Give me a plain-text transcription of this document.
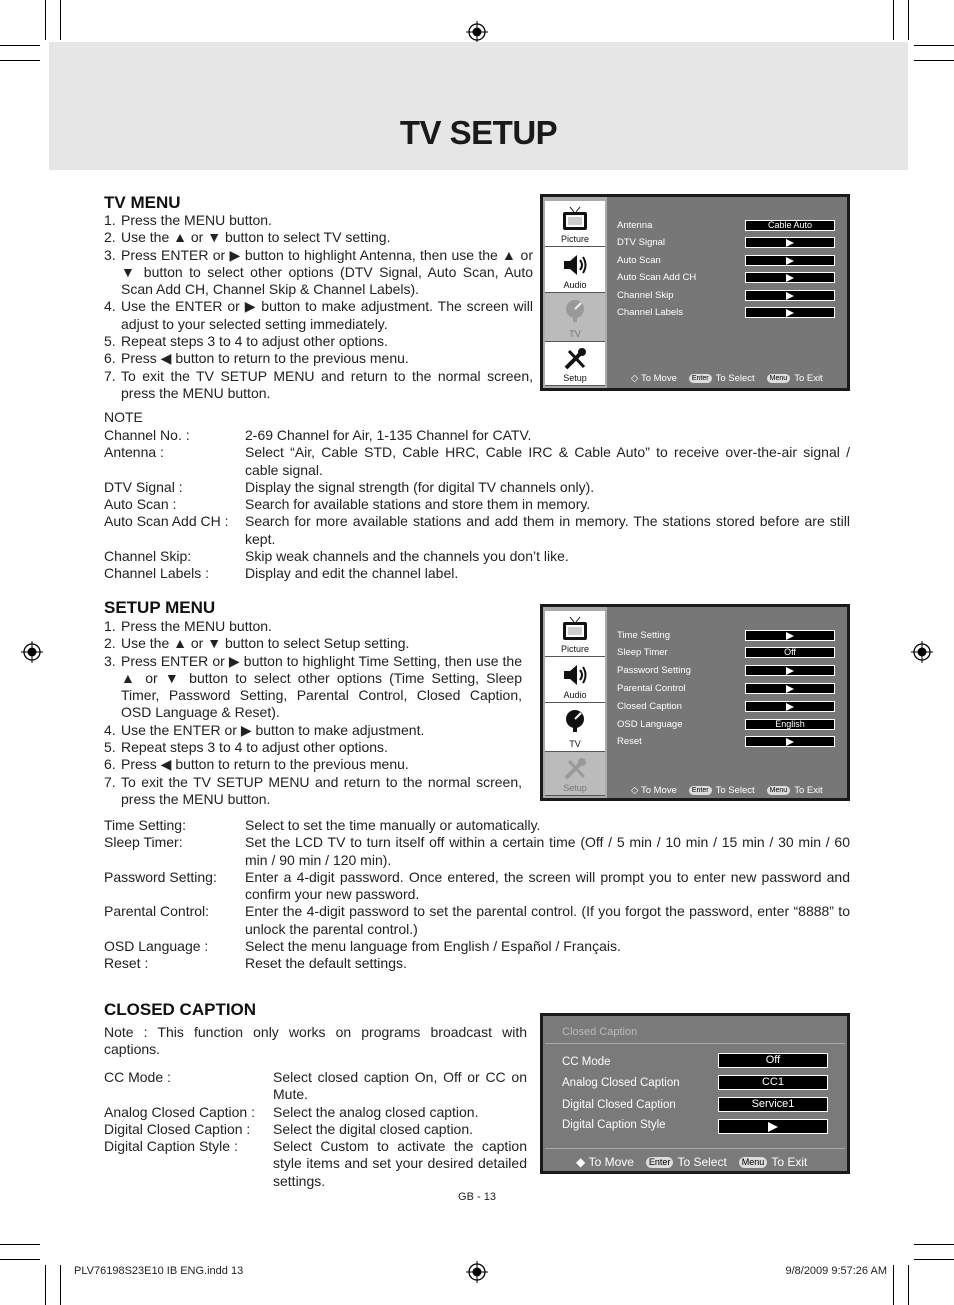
TV SETUP
TV MENU
1. Press the MENU button.
2. Use the ▲ or ▼ button to select TV setting.
3. Press ENTER or ▶ button to highlight Antenna, then use the ▲ or ▼ button to select other options (DTV Signal, Auto Scan, Auto Scan Add CH, Channel Skip & Channel Labels).
4. Use the ENTER or ▶ button to make adjustment. The screen will adjust to your selected setting immediately.
5. Repeat steps 3 to 4 to adjust other options.
6. Press ◀ button to return to the previous menu.
7. To exit the TV SETUP MENU and return to the normal screen, press the MENU button.
Picture
Audio
TV
Setup
Antenna	Cable Auto
DTV Signal
Auto Scan
Auto Scan Add CH
Channel Skip
Channel Labels
◇ To Move	Enter To Select	Menu To Exit
NOTE
Channel No. :	2-69 Channel for Air, 1-135 Channel for CATV.
Antenna :	Select “Air, Cable STD, Cable HRC, Cable IRC & Cable Auto” to receive over-the-air signal / cable signal.
DTV Signal :	Display the signal strength (for digital TV channels only).
Auto Scan :	Search for available stations and store them in memory.
Auto Scan Add CH :	Search for more available stations and add them in memory. The stations stored before are still kept.
Channel Skip:	Skip weak channels and the channels you don’t like.
Channel Labels :	Display and edit the channel label.
SETUP MENU
1. Press the MENU button.
2. Use the ▲ or ▼ button to select Setup setting.
3. Press ENTER or ▶ button to highlight Time Setting, then use the ▲ or ▼ button to select other options (Time Setting, Sleep Timer, Password Setting, Parental Control, Closed Caption, OSD Language & Reset).
4. Use the ENTER or ▶ button to make adjustment.
5. Repeat steps 3 to 4 to adjust other options.
6. Press ◀ button to return to the previous menu.
7. To exit the TV SETUP MENU and return to the normal screen, press the MENU button.
Picture
Audio
TV
Setup
Time Setting
Sleep Timer	Off
Password Setting
Parental Control
Closed Caption
OSD Language	English
Reset
◇ To Move	Enter To Select	Menu To Exit
Time Setting:	Select to set the time manually or automatically.
Sleep Timer:	Set the LCD TV to turn itself off within a certain time (Off / 5 min / 10 min / 15 min / 30 min / 60 min / 90 min / 120 min).
Password Setting:	Enter a 4-digit password. Once entered, the screen will prompt you to enter new password and confirm your new password.
Parental Control:	Enter the 4-digit password to set the parental control. (If you forgot the password, enter “8888” to unlock the parental control.)
OSD Language :	Select the menu language from English / Español / Français.
Reset :	Reset the default settings.
CLOSED CAPTION
Note : This function only works on programs broadcast with captions.
CC Mode :	Select closed caption On, Off or CC on Mute.
Analog Closed Caption :	Select the analog closed caption.
Digital Closed Caption :	Select the digital closed caption.
Digital Caption Style :	Select Custom to activate the caption style items and set your desired detailed settings.
Closed Caption
CC Mode	Off
Analog Closed Caption	CC1
Digital Closed Caption	Service1
Digital Caption Style
◆ To Move	Enter To Select	Menu To Exit
GB - 13
PLV76198S23E10 IB ENG.indd 13	9/8/2009 9:57:26 AM
